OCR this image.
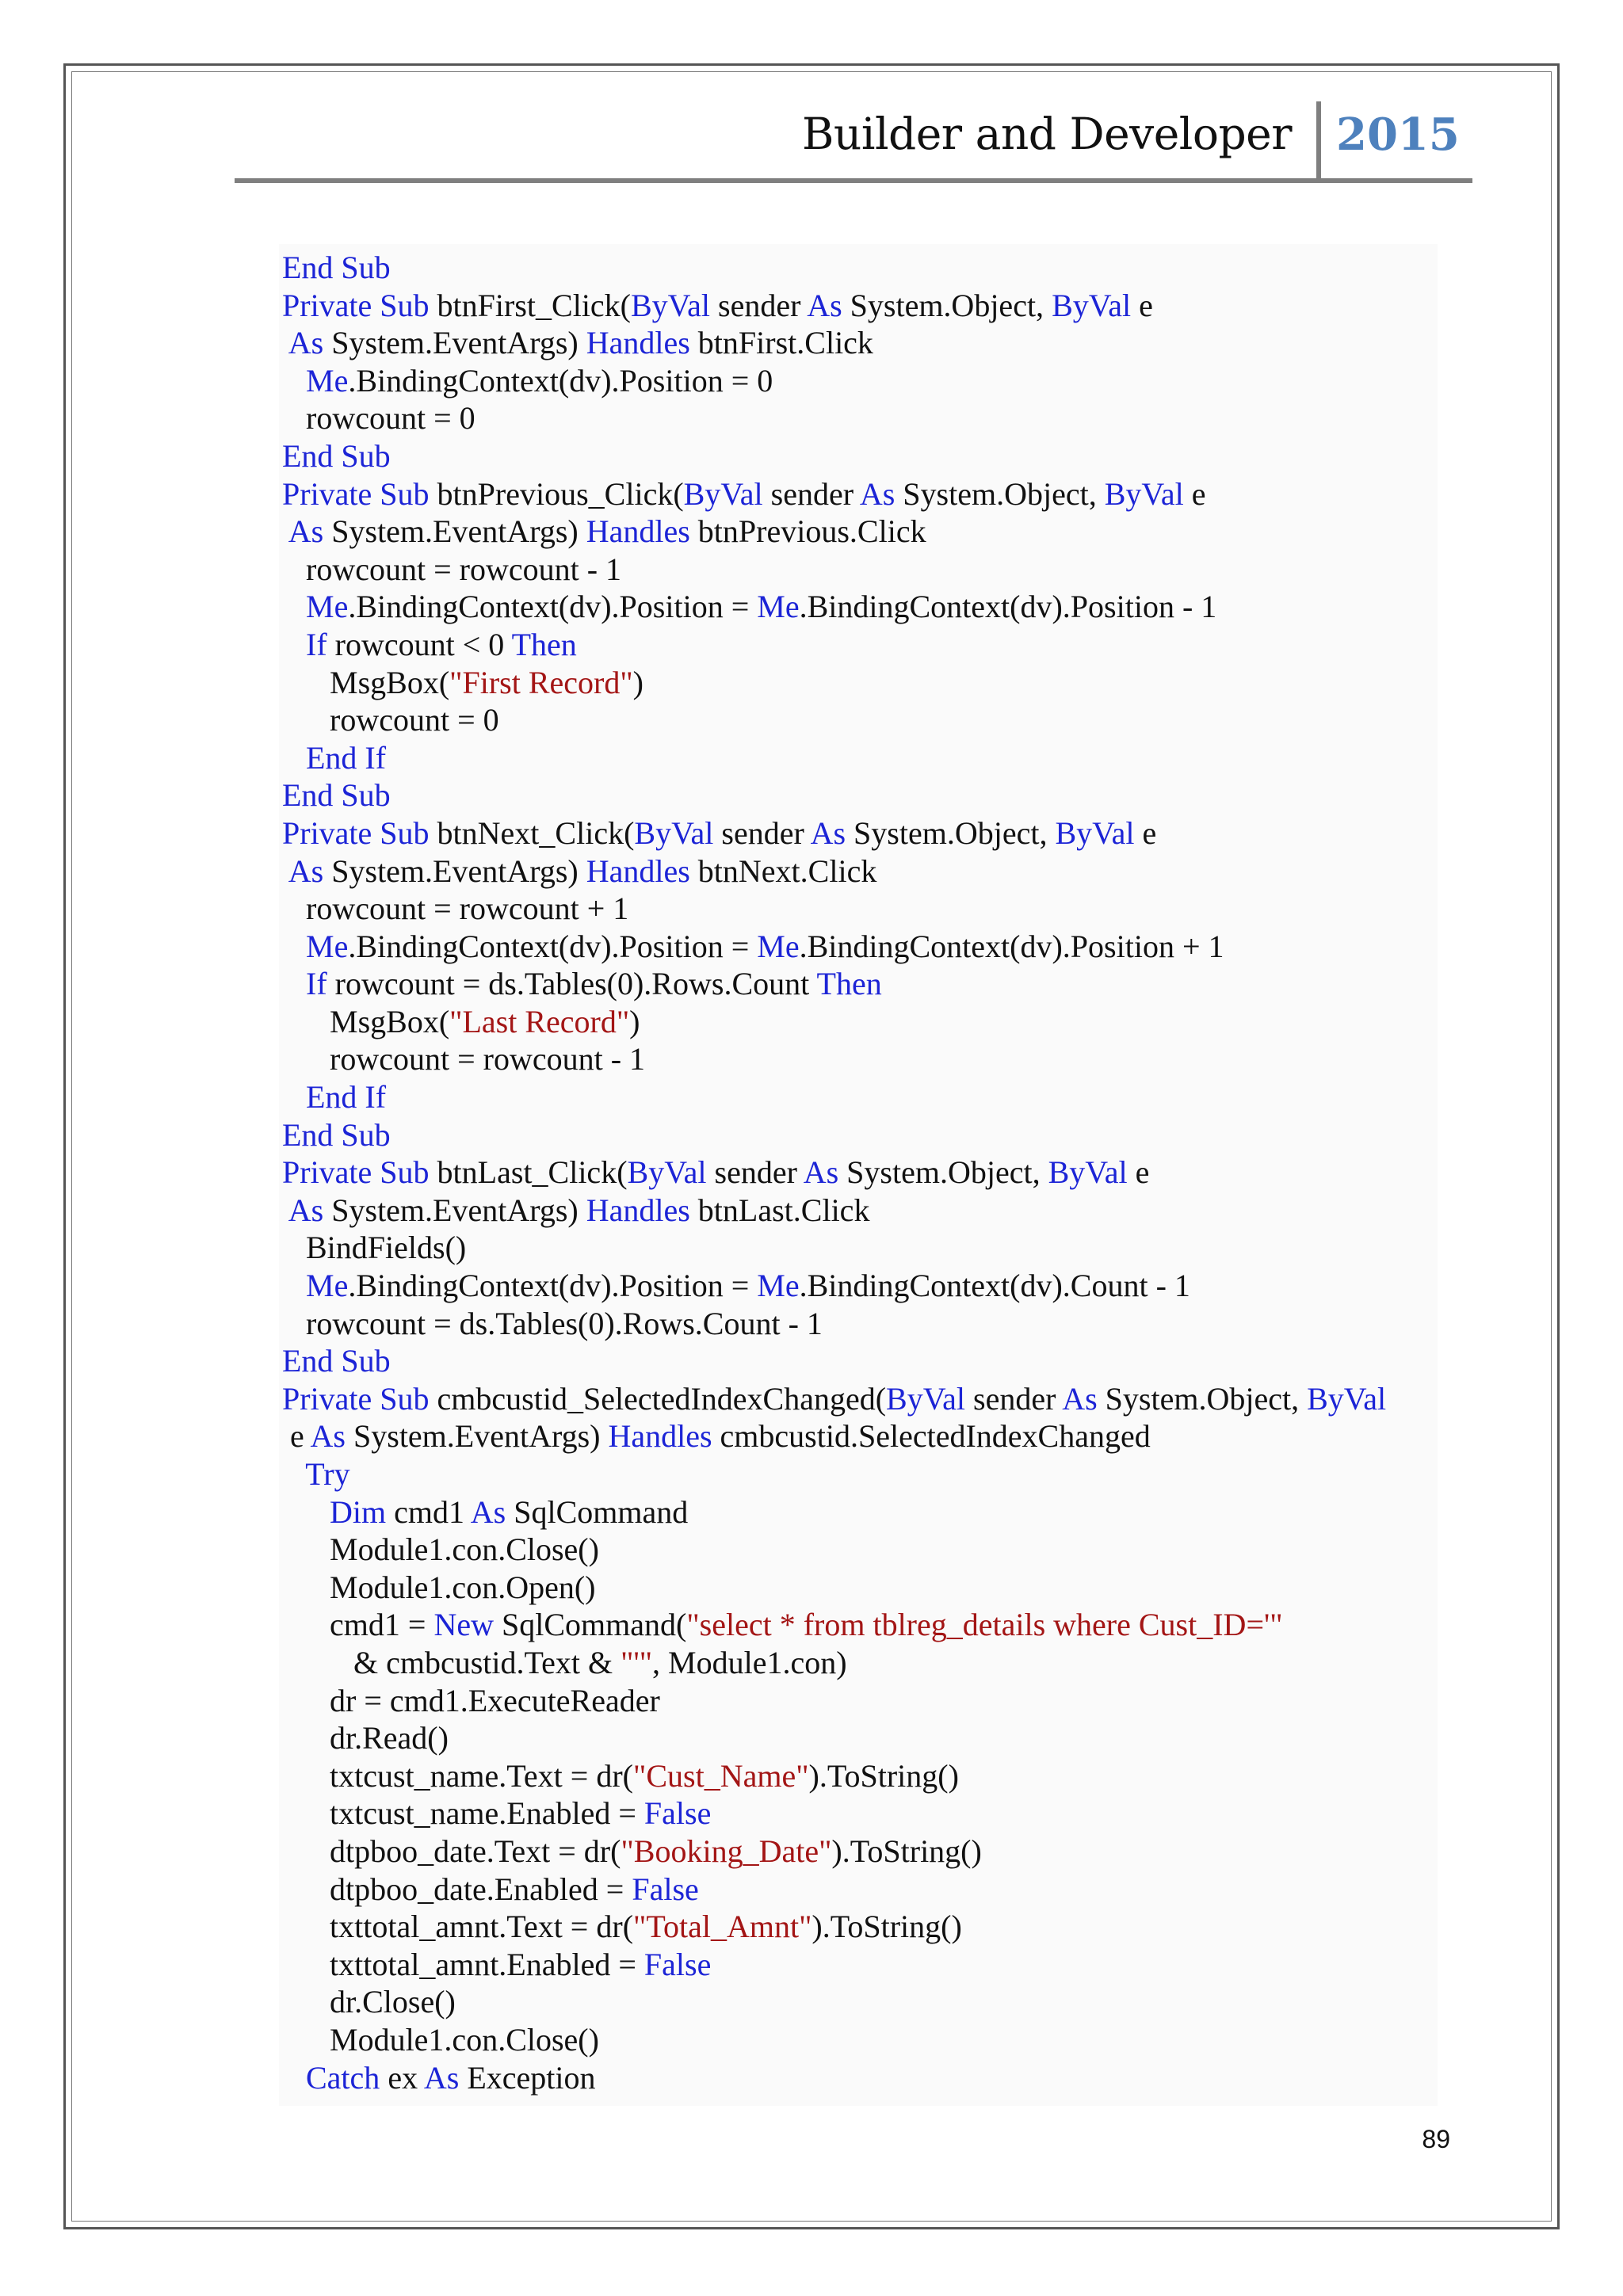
Builder and Developer 2015
End Sub
Private Sub btnFirst_Click(ByVal sender As System.Object, ByVal e
As System.EventArgs) Handles btnFirst.Click
Me.BindingContext(dv).Position = 0
rowcount = 0
End Sub
Private Sub btnPrevious_Click(ByVal sender As System.Object, ByVal e
As System.EventArgs) Handles btnPrevious.Click
rowcount = rowcount - 1
Me.BindingContext(dv).Position = Me.BindingContext(dv).Position - 1
If rowcount < 0 Then
MsgBox("First Record")
rowcount = 0
End If
End Sub
Private Sub btnNext_Click(ByVal sender As System.Object, ByVal e
As System.EventArgs) Handles btnNext.Click
rowcount = rowcount + 1
Me.BindingContext(dv).Position = Me.BindingContext(dv).Position + 1
If rowcount = ds.Tables(0).Rows.Count Then
MsgBox("Last Record")
rowcount = rowcount - 1
End If
End Sub
Private Sub btnLast_Click(ByVal sender As System.Object, ByVal e
As System.EventArgs) Handles btnLast.Click
BindFields()
Me.BindingContext(dv).Position = Me.BindingContext(dv).Count - 1
rowcount = ds.Tables(0).Rows.Count - 1
End Sub
Private Sub cmbcustid_SelectedIndexChanged(ByVal sender As System.Object, ByVal
e As System.EventArgs) Handles cmbcustid.SelectedIndexChanged
Try
Dim cmd1 As SqlCommand
Module1.con.Close()
Module1.con.Open()
cmd1 = New SqlCommand("select * from tblreg_details where Cust_ID='"
& cmbcustid.Text & "'", Module1.con)
dr = cmd1.ExecuteReader
dr.Read()
txtcust_name.Text = dr("Cust_Name").ToString()
txtcust_name.Enabled = False
dtpboo_date.Text = dr("Booking_Date").ToString()
dtpboo_date.Enabled = False
txttotal_amnt.Text = dr("Total_Amnt").ToString()
txttotal_amnt.Enabled = False
dr.Close()
Module1.con.Close()
Catch ex As Exception
89
